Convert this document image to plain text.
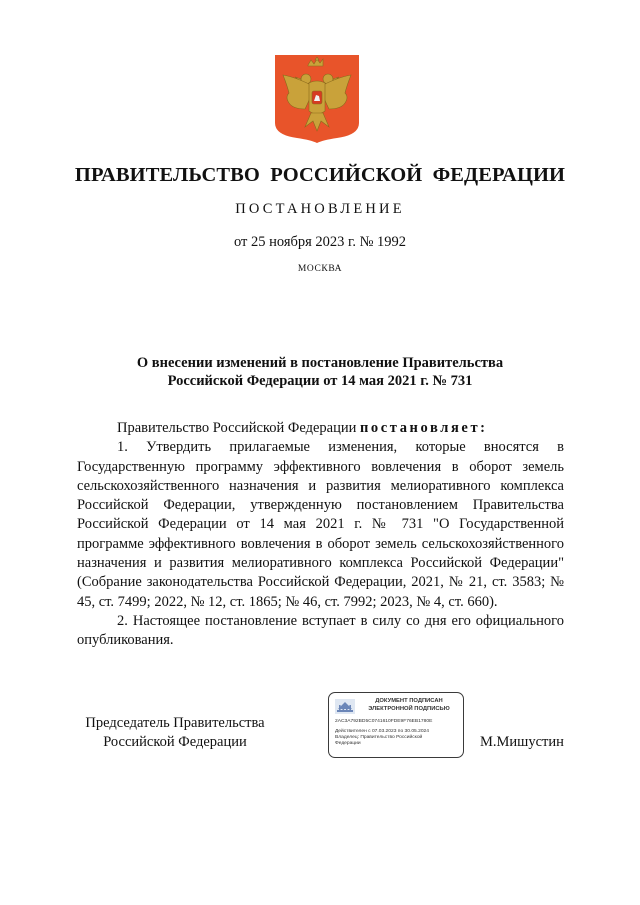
ПРАВИТЕЛЬСТВО РОССИЙСКОЙ ФЕДЕРАЦИИ
ПОСТАНОВЛЕНИЕ
от 25 ноября 2023 г. № 1992
МОСКВА
О внесении изменений в постановление Правительства
Российской Федерации от 14 мая 2021 г. № 731

Правительство Российской Федерации постановляет:

1. Утвердить прилагаемые изменения, которые вносятся в Государственную программу эффективного вовлечения в оборот земель сельскохозяйственного назначения и развития мелиоративного комплекса Российской Федерации, утвержденную постановлением Правительства Российской Федерации от 14 мая 2021 г. № 731 "О Государственной программе эффективного вовлечения в оборот земель сельскохозяйственного назначения и развития мелиоративного комплекса Российской Федерации" (Собрание законодательства Российской Федерации, 2021, № 21, ст. 3583; № 45, ст. 7499; 2022, № 12, ст. 1865; № 46, ст. 7992; 2023, № 4, ст. 660).

2. Настоящее постановление вступает в силу со дня его официального опубликования.

Председатель Правительства
Российской Федерации
ДОКУМЕНТ ПОДПИСАН
ЭЛЕКТРОННОЙ ПОДПИСЬЮ
2AC3A792BD5C0741610FDE9F76EB1780E
Действителен с 07.03.2023 по 30.05.2024
Владелец: Правительство Российской
Федерации	М.Мишустин
